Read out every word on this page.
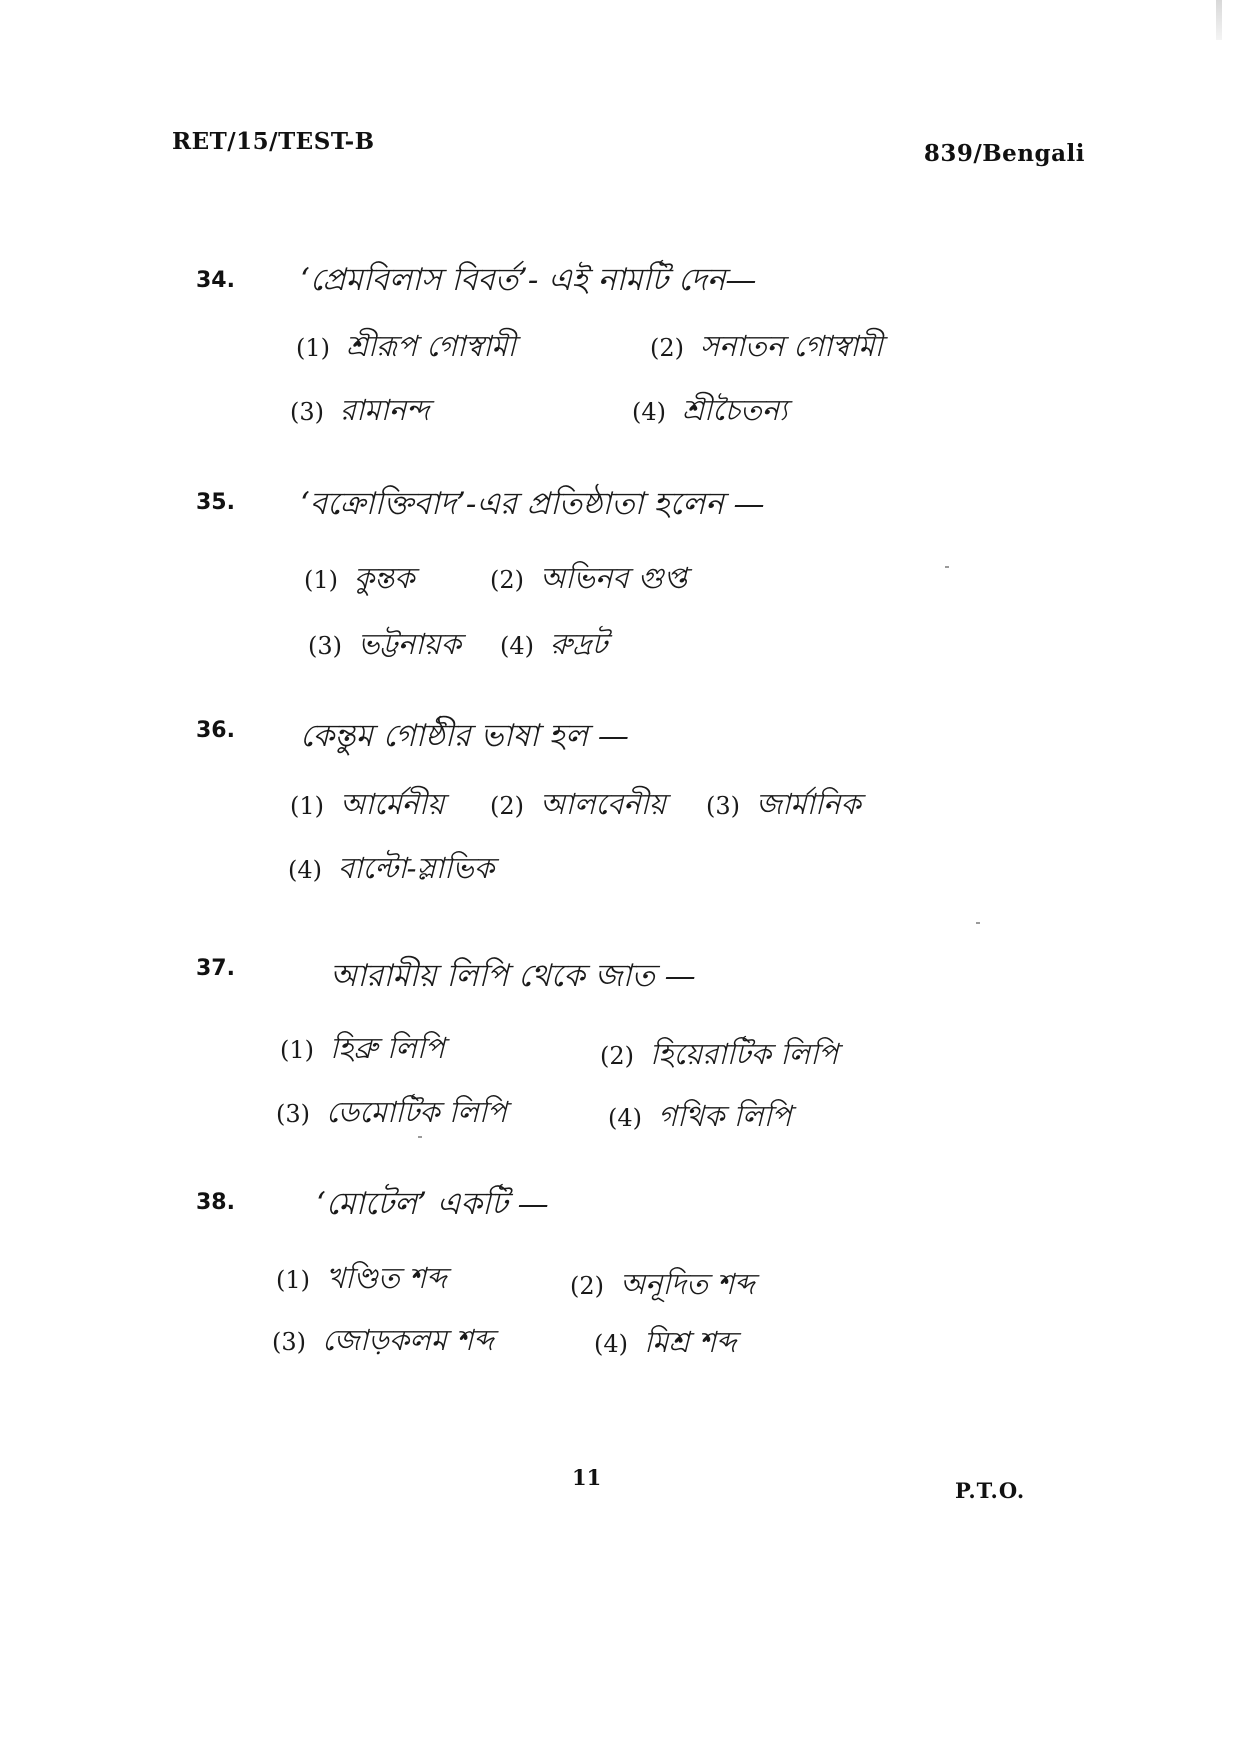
RET/15/TEST-B	839/Bengali
34. ‘প্রেমবিলাস বিবর্ত’- এই নামটি দেন—
(1) শ্রীরূপ গোস্বামী	(2) সনাতন গোস্বামী
(3) রামানন্দ	(4) শ্রীচৈতন্য
35. ‘বক্রোক্তিবাদ’-এর প্রতিষ্ঠাতা হলেন —
(1) কুন্তক	(2) অভিনব গুপ্ত
(3) ভট্টনায়ক (4) রুদ্রট
36. কেন্তুম গোষ্ঠীর ভাষা হল —
(1) আর্মেনীয় (2) আলবেনীয় (3) জার্মানিক
(4) বাল্টো-স্লাভিক
37.	আরামীয় লিপি থেকে জাত —
(1) হিব্রু লিপি	(2) হিয়েরাটিক লিপি
(3) ডেমোটিক লিপি	(4) গথিক লিপি
38.	‘মোটেল’ একটি —
(1) খণ্ডিত শব্দ	(2) অনূদিত শব্দ
(3) জোড়কলম শব্দ	(4) মিশ্র শব্দ
11
P.T.O.
